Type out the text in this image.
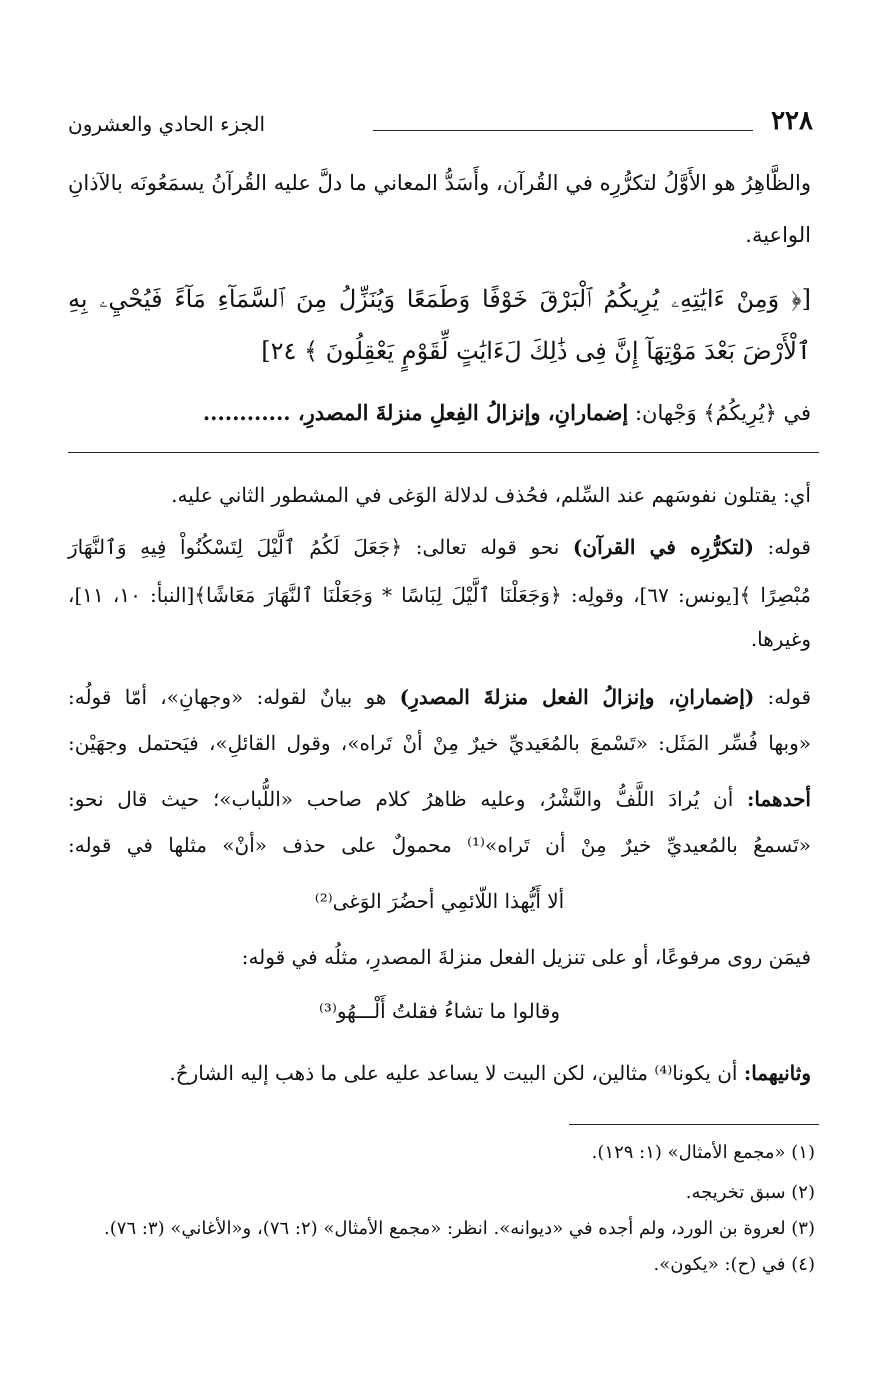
٢٢٨
الجزء الحادي والعشرون
والظَّاهِرُ هو الأَوَّلُ لتكرُّرِه في القُرآن، وأَسَدُّ المعاني ما دلَّ عليه القُرآنُ يسمَعُونَه بالآذانِ
الواعية.
[﴿ وَمِنْ ءَايَٰتِهِۦ يُرِيكُمُ ٱلْبَرْقَ خَوْفًا وَطَمَعًا وَيُنَزِّلُ مِنَ ٱلسَّمَآءِ مَآءً فَيُحْيِۦ بِهِ
ٱلْأَرْضَ بَعْدَ مَوْتِهَآ إِنَّ فِى ذَٰلِكَ لَءَايَٰتٍ لِّقَوْمٍ يَعْقِلُونَ ﴾ ٢٤]
في ﴿يُرِيكُمُ﴾ وَجْهان: إضمارانِ، وإنزالُ الفِعلِ منزلةَ المصدرِ، ............
أي: يقتلون نفوسَهم عند السِّلم، فحُذف لدلالة الوَغى في المشطور الثاني عليه.
قوله: (لتكرُّرِه في القرآن) نحو قوله تعالى: ﴿جَعَلَ لَكُمُ ٱلَّيْلَ لِتَسْكُنُواْ فِيهِ وَٱلنَّهَارَ
مُبْصِرًا ﴾[يونس: ٦٧]، وقولِه: ﴿وَجَعَلْنَا ٱلَّيْلَ لِبَاسًا * وَجَعَلْنَا ٱلنَّهَارَ مَعَاشًا﴾[النبأ: ١٠، ١١]،
وغيرها.
قوله: (إضمارانِ، وإنزالُ الفعل منزلةَ المصدرِ) هو بيانٌ لقوله: «وجهانِ»، أمّا قولُه:
«وبها فُسِّر المَثَل: «تَسْمعَ بالمُعَيديِّ خيرٌ مِنْ أنْ تَراه»، وقول القائلِ»، فيَحتمل وجهَيْن:
أحدهما: أن يُرادَ اللَّفُّ والنَّشْرُ، وعليه ظاهرُ كلام صاحب «اللُّباب»؛ حيث قال نحو:
«تَسمعُ بالمُعيديِّ خيرٌ مِنْ أن تَراه»⁽¹⁾ محمولٌ على حذف «أنْ» مثلها في قوله:
ألا أَيُّهذا اللّائمِي أحضُرَ الوَغى⁽²⁾
فيمَن روى مرفوعًا، أو على تنزيل الفعل منزلةَ المصدرِ، مثلُه في قوله:
وقالوا ما تشاءُ فقلتُ أَلْـــهُو⁽³⁾
وثانيهما: أن يكونا⁽⁴⁾ مثالين، لكن البيت لا يساعد عليه على ما ذهب إليه الشارحُ.
(١) «مجمع الأمثال» (١: ١٢٩).
(٢) سبق تخريجه.
(٣) لعروة بن الورد، ولم أجده في «ديوانه». انظر: «مجمع الأمثال» (٢: ٧٦)، و«الأغاني» (٣: ٧٦).
(٤) في (ح): «يكون».
